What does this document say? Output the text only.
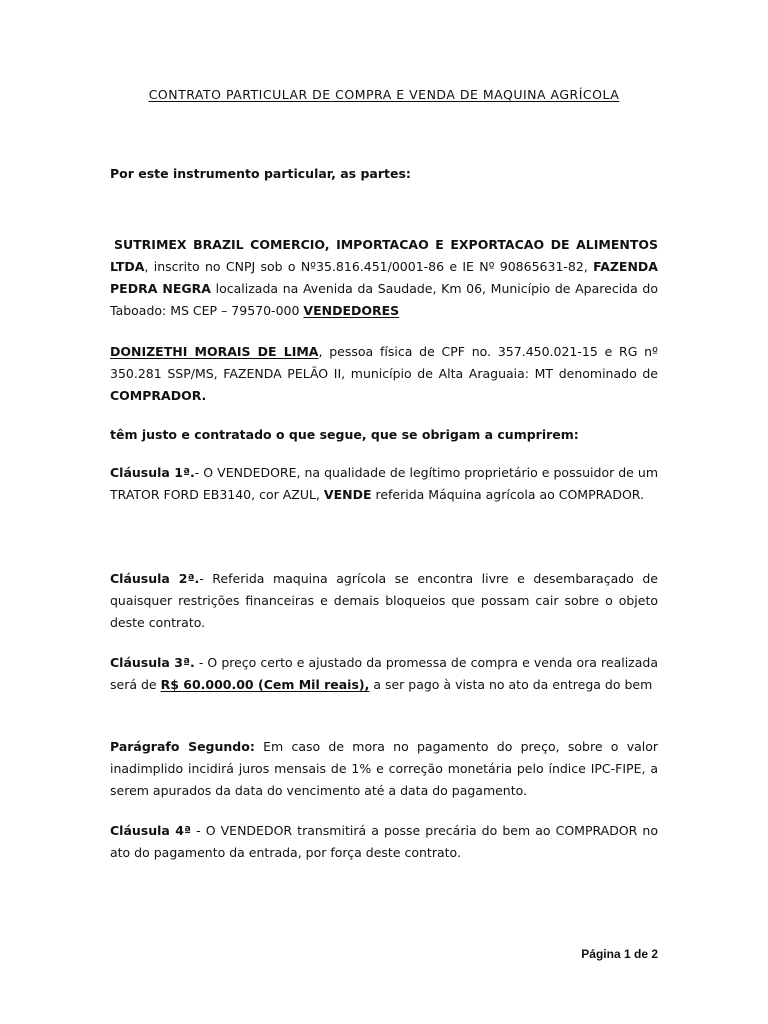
CONTRATO PARTICULAR DE COMPRA E VENDA DE MAQUINA AGRÍCOLA
Por este instrumento particular, as partes:
SUTRIMEX BRAZIL COMERCIO, IMPORTACAO E EXPORTACAO DE ALIMENTOS LTDA, inscrito no CNPJ sob o Nº35.816.451/0001-86 e IE Nº 90865631-82, FAZENDA PEDRA NEGRA localizada na Avenida da Saudade, Km 06, Município de Aparecida do Taboado: MS CEP – 79570-000 VENDEDORES
DONIZETHI MORAIS DE LIMA, pessoa física de CPF no. 357.450.021-15 e RG nº 350.281 SSP/MS, FAZENDA PELÃO II, município de Alta Araguaia: MT denominado de COMPRADOR.
têm justo e contratado o que segue, que se obrigam a cumprirem:
Cláusula 1ª.- O VENDEDORE, na qualidade de legítimo proprietário e possuidor de um TRATOR FORD EB3140, cor AZUL, VENDE referida Máquina agrícola ao COMPRADOR.
Cláusula 2ª.- Referida maquina agrícola se encontra livre e desembaraçado de quaisquer restrições financeiras e demais bloqueios que possam cair sobre o objeto deste contrato.
Cláusula 3ª. - O preço certo e ajustado da promessa de compra e venda ora realizada será de R$ 60.000.00 (Cem Mil reais), a ser pago à vista no ato da entrega do bem
Parágrafo Segundo: Em caso de mora no pagamento do preço, sobre o valor inadimplido incidirá juros mensais de 1% e correção monetária pelo índice IPC-FIPE, a serem apurados da data do vencimento até a data do pagamento.
Cláusula 4ª - O VENDEDOR transmitirá a posse precária do bem ao COMPRADOR no ato do pagamento da entrada, por força deste contrato.
Página 1 de 2
